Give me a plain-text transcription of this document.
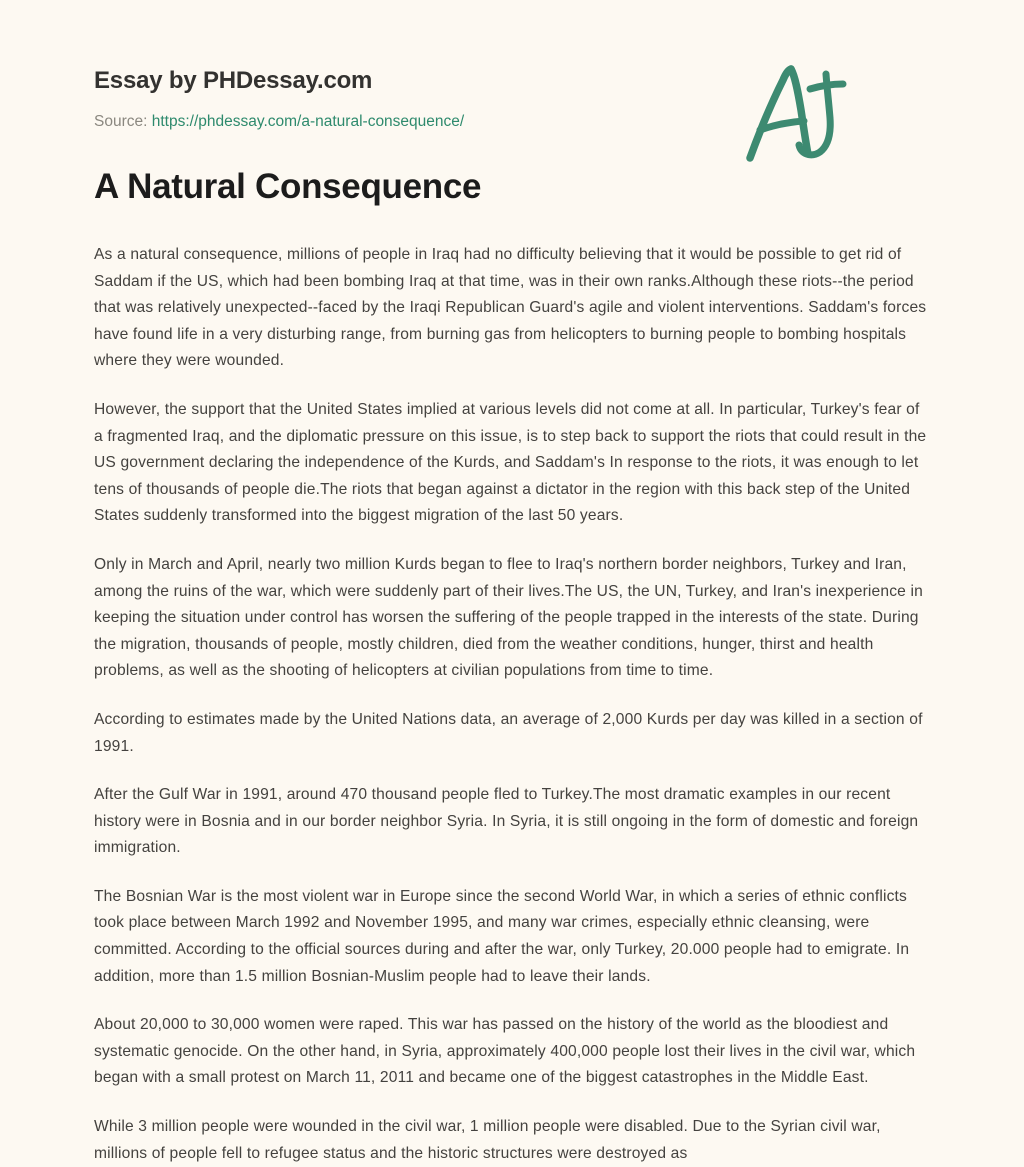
Essay by PHDessay.com
Source: https://phdessay.com/a-natural-consequence/
A Natural Consequence

As a natural consequence, millions of people in Iraq had no difficulty believing that it would be possible to get rid of Saddam if the US, which had been bombing Iraq at that time, was in their own ranks.Although these riots--the period that was relatively unexpected--faced by the Iraqi Republican Guard's agile and violent interventions. Saddam's forces have found life in a very disturbing range, from burning gas from helicopters to burning people to bombing hospitals where they were wounded.

However, the support that the United States implied at various levels did not come at all. In particular, Turkey's fear of a fragmented Iraq, and the diplomatic pressure on this issue, is to step back to support the riots that could result in the US government declaring the independence of the Kurds, and Saddam's In response to the riots, it was enough to let tens of thousands of people die.The riots that began against a dictator in the region with this back step of the United States suddenly transformed into the biggest migration of the last 50 years.

Only in March and April, nearly two million Kurds began to flee to Iraq's northern border neighbors, Turkey and Iran, among the ruins of the war, which were suddenly part of their lives.The US, the UN, Turkey, and Iran's inexperience in keeping the situation under control has worsen the suffering of the people trapped in the interests of the state. During the migration, thousands of people, mostly children, died from the weather conditions, hunger, thirst and health problems, as well as the shooting of helicopters at civilian populations from time to time.

According to estimates made by the United Nations data, an average of 2,000 Kurds per day was killed in a section of 1991.

After the Gulf War in 1991, around 470 thousand people fled to Turkey.The most dramatic examples in our recent history were in Bosnia and in our border neighbor Syria. In Syria, it is still ongoing in the form of domestic and foreign immigration.

The Bosnian War is the most violent war in Europe since the second World War, in which a series of ethnic conflicts took place between March 1992 and November 1995, and many war crimes, especially ethnic cleansing, were committed. According to the official sources during and after the war, only Turkey, 20.000 people had to emigrate. In addition, more than 1.5 million Bosnian-Muslim people had to leave their lands.

About 20,000 to 30,000 women were raped. This war has passed on the history of the world as the bloodiest and systematic genocide. On the other hand, in Syria, approximately 400,000 people lost their lives in the civil war, which began with a small protest on March 11, 2011 and became one of the biggest catastrophes in the Middle East.

While 3 million people were wounded in the civil war, 1 million people were disabled. Due to the Syrian civil war, millions of people fell to refugee status and the historic structures were destroyed as
